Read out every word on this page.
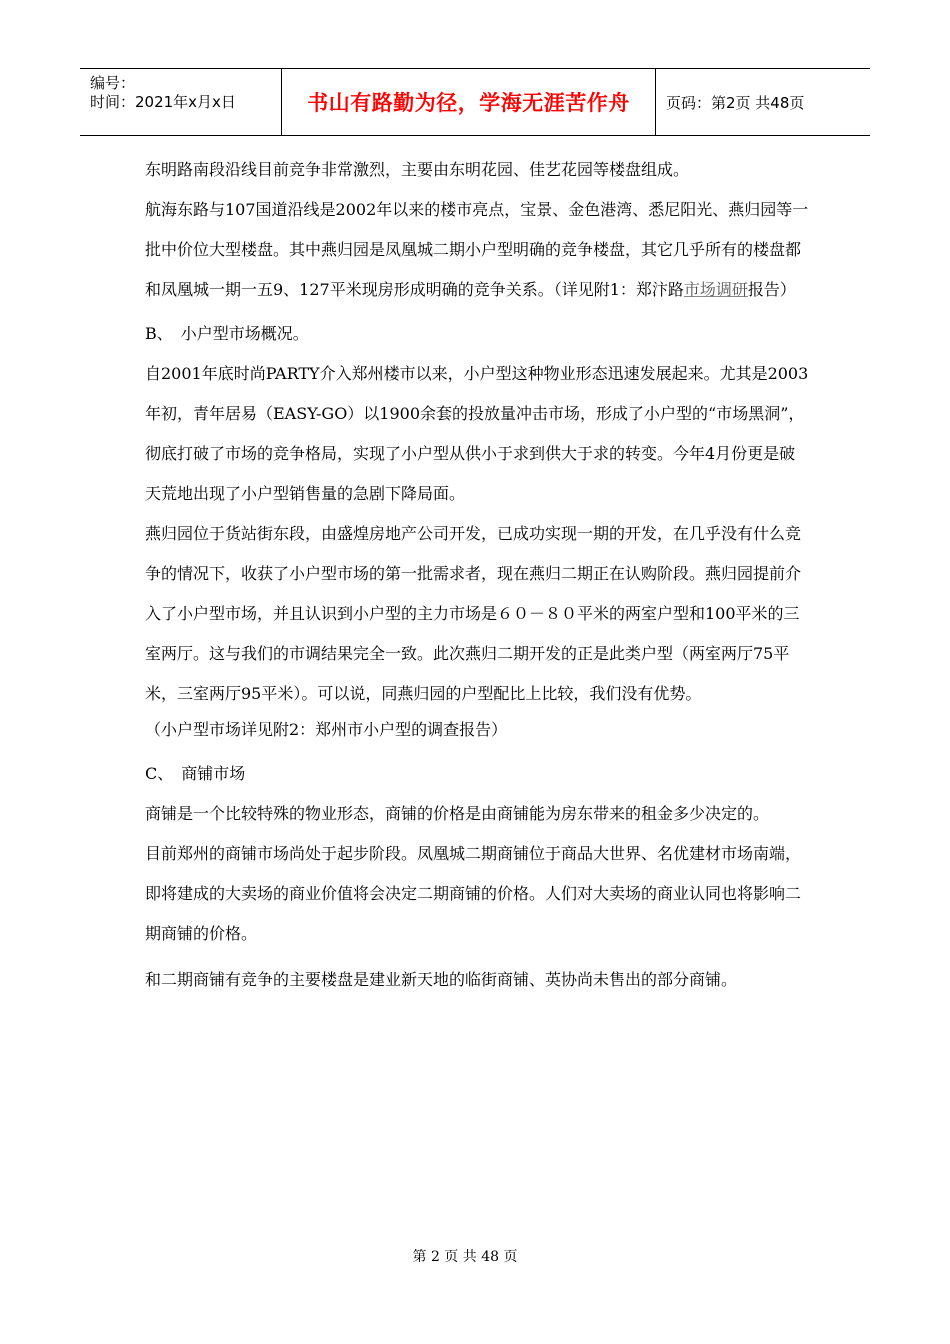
编号：
时间：2021年x月x日	书山有路勤为径，学海无涯苦作舟	页码：第2页 共48页

东明路南段沿线目前竞争非常激烈，主要由东明花园、佳艺花园等楼盘组成。

航海东路与107国道沿线是2002年以来的楼市亮点，宝景、金色港湾、悉尼阳光、燕归园等一批中价位大型楼盘。其中燕归园是凤凰城二期小户型明确的竞争楼盘，其它几乎所有的楼盘都和凤凰城一期一五9、127平米现房形成明确的竞争关系。（详见附1：郑汴路市场调研报告）

B、　小户型市场概况。

自2001年底时尚PARTY介入郑州楼市以来，小户型这种物业形态迅速发展起来。尤其是2003年初，青年居易（EASY-GO）以1900余套的投放量冲击市场，形成了小户型的“市场黑洞”，彻底打破了市场的竞争格局，实现了小户型从供小于求到供大于求的转变。今年4月份更是破天荒地出现了小户型销售量的急剧下降局面。

燕归园位于货站街东段，由盛煌房地产公司开发，已成功实现一期的开发，在几乎没有什么竞争的情况下，收获了小户型市场的第一批需求者，现在燕归二期正在认购阶段。燕归园提前介入了小户型市场，并且认识到小户型的主力市场是６０－８０平米的两室户型和100平米的三室两厅。这与我们的市调结果完全一致。此次燕归二期开发的正是此类户型（两室两厅75平米，三室两厅95平米）。可以说，同燕归园的户型配比上比较，我们没有优势。

（小户型市场详见附2：郑州市小户型的调查报告）

C、　商铺市场

商铺是一个比较特殊的物业形态，商铺的价格是由商铺能为房东带来的租金多少决定的。

目前郑州的商铺市场尚处于起步阶段。凤凰城二期商铺位于商品大世界、名优建材市场南端，即将建成的大卖场的商业价值将会决定二期商铺的价格。人们对大卖场的商业认同也将影响二期商铺的价格。

和二期商铺有竞争的主要楼盘是建业新天地的临街商铺、英协尚未售出的部分商铺。

第 2 页 共 48 页
